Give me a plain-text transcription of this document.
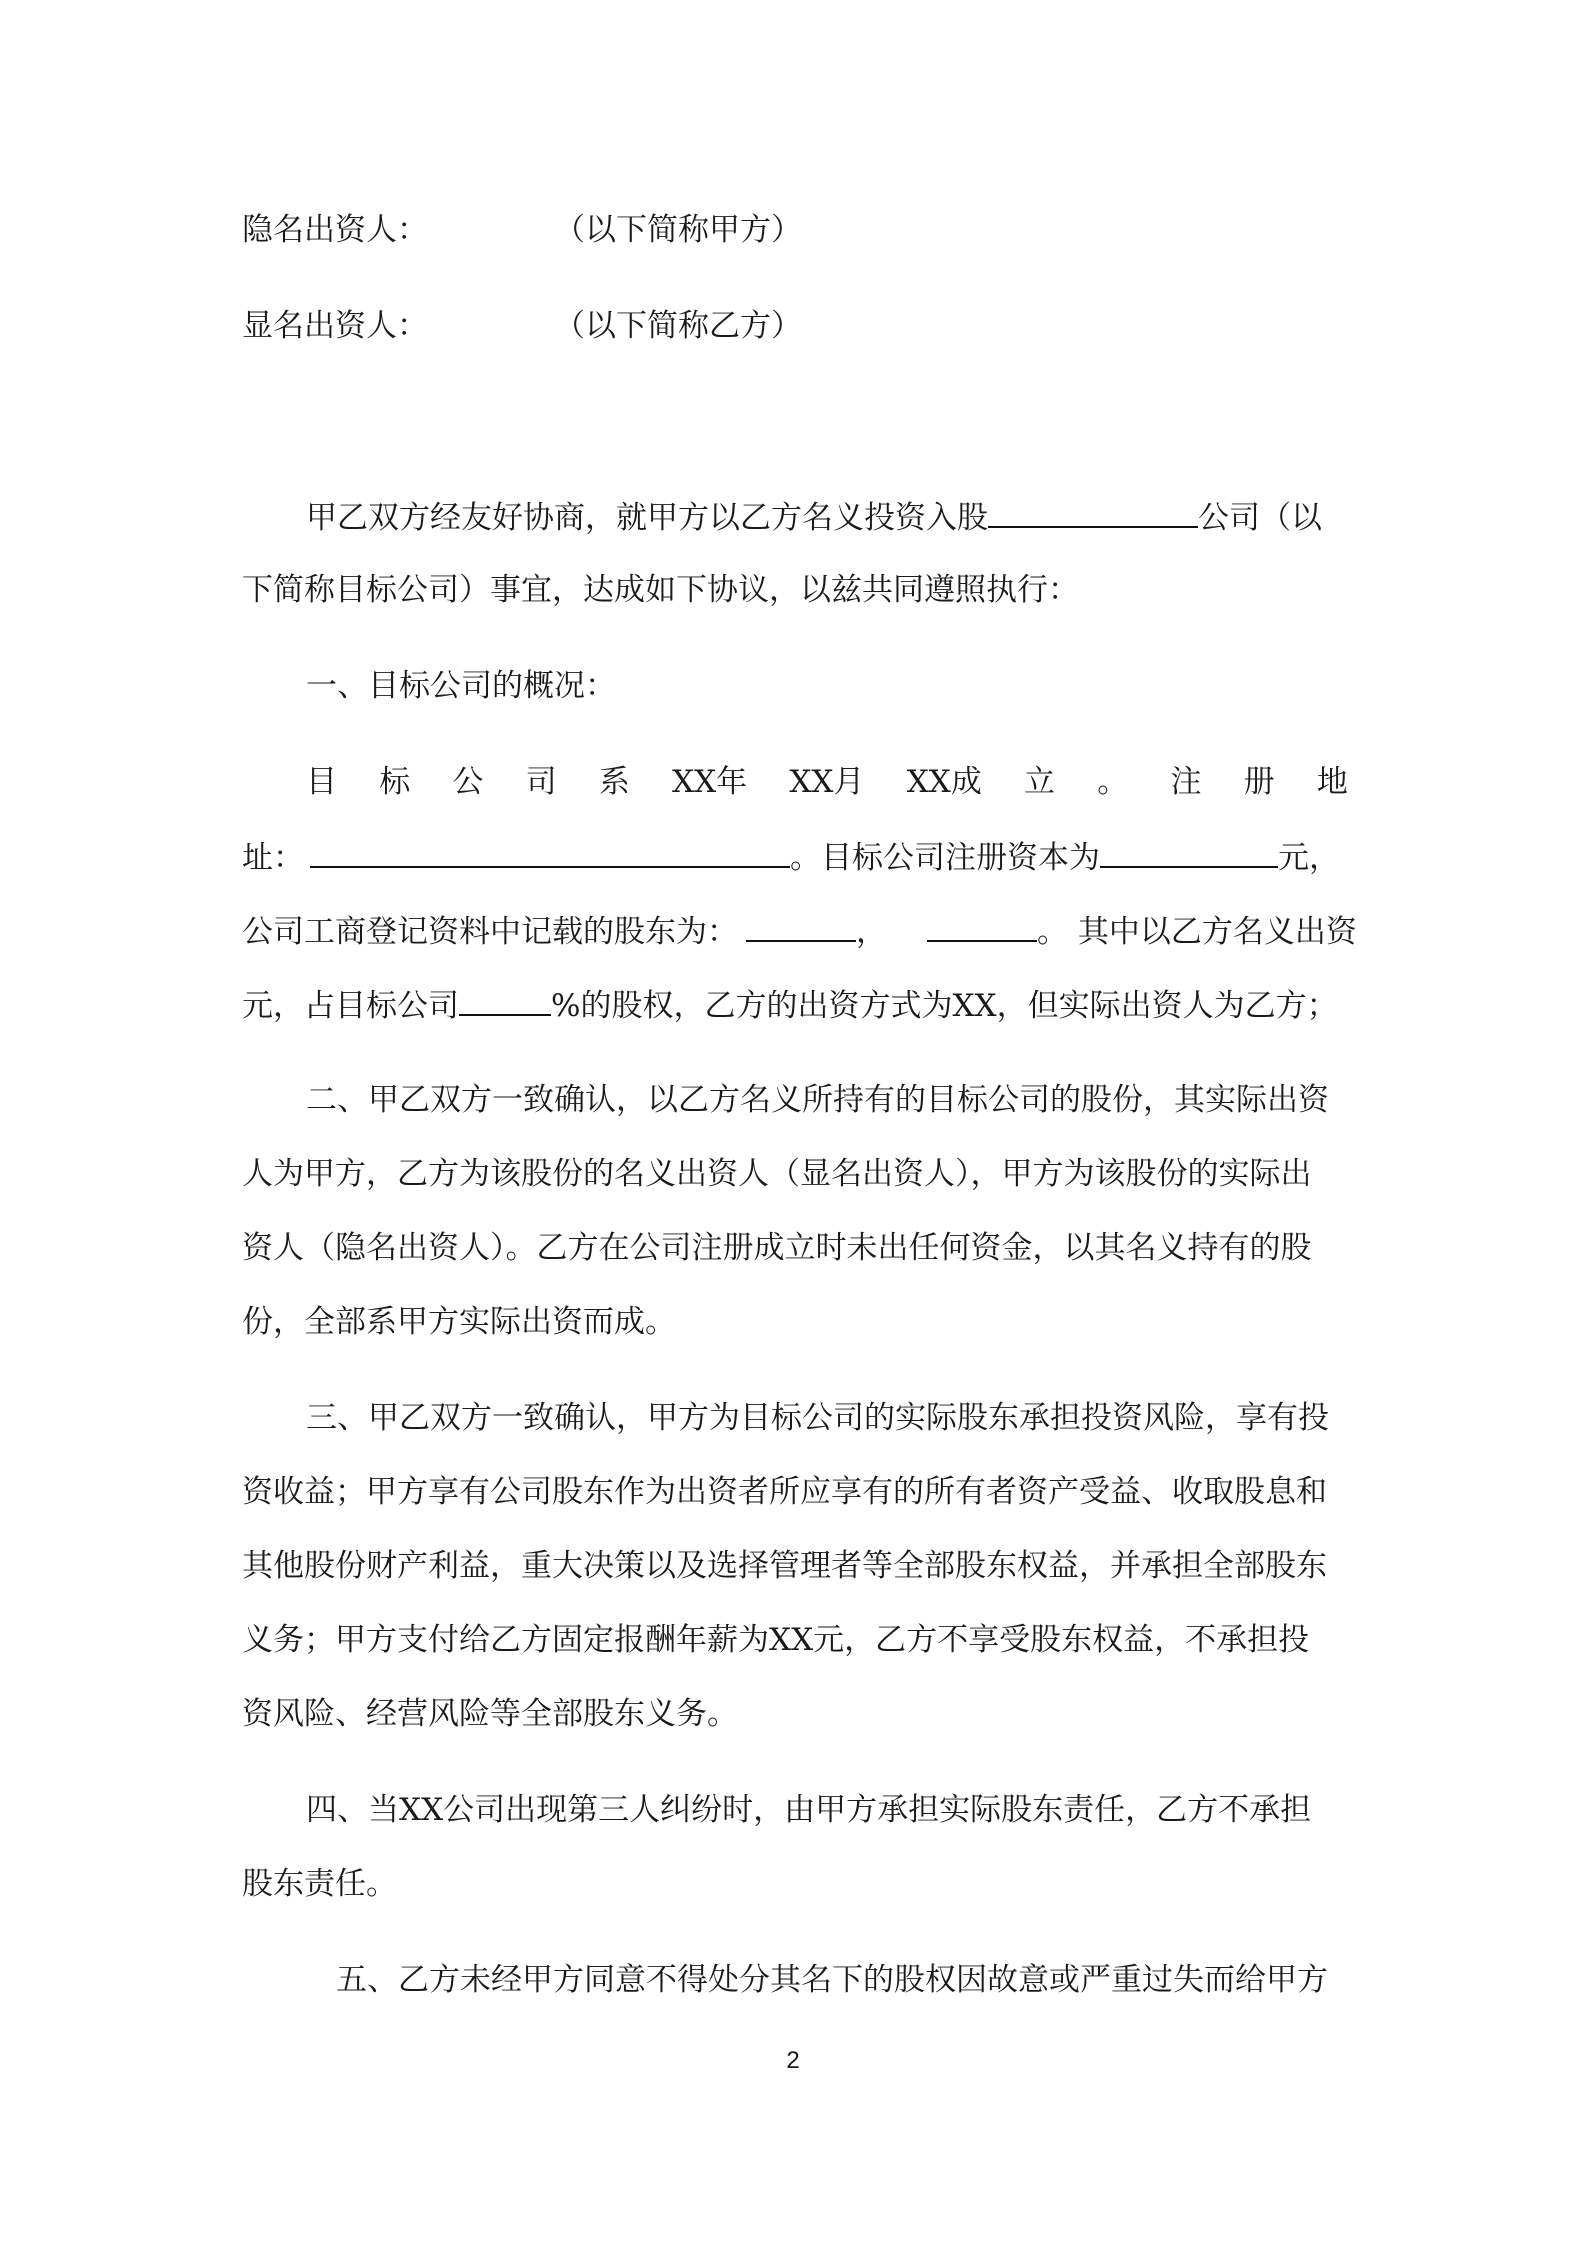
隐名出资人：	（以下简称甲方）
显名出资人：	（以下简称乙方）
甲乙双方经友好协商，就甲方以乙方名义投资入股	公司（以
下简称目标公司）事宜，达成如下协议，以兹共同遵照执行：
一、目标公司的概况：
目 标 公 司 系 XX年 XX月 XX成 立 。 注 册 地
址：	。目标公司注册资本为	元，
公司工商登记资料中记载的股东为：	，	。 其中以乙方名义出资
元，占目标公司	%的股权，乙方的出资方式为XX，但实际出资人为乙方；
二、甲乙双方一致确认，以乙方名义所持有的目标公司的股份，其实际出资
人为甲方，乙方为该股份的名义出资人（显名出资人），甲方为该股份的实际出
资人（隐名出资人）。乙方在公司注册成立时未出任何资金，以其名义持有的股
份，全部系甲方实际出资而成。
三、甲乙双方一致确认，甲方为目标公司的实际股东承担投资风险，享有投
资收益；甲方享有公司股东作为出资者所应享有的所有者资产受益、收取股息和
其他股份财产利益，重大决策以及选择管理者等全部股东权益，并承担全部股东
义务；甲方支付给乙方固定报酬年薪为XX元，乙方不享受股东权益，不承担投
资风险、经营风险等全部股东义务。
四、当XX公司出现第三人纠纷时，由甲方承担实际股东责任，乙方不承担
股东责任。
五、乙方未经甲方同意不得处分其名下的股权因故意或严重过失而给甲方
2
